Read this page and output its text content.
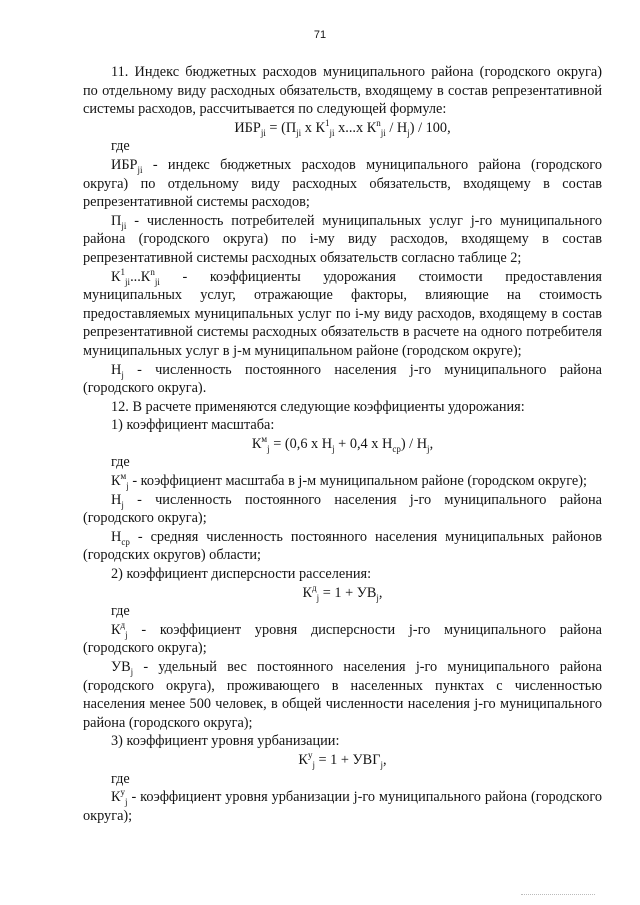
71

11. Индекс бюджетных расходов муниципального района (городского округа) по отдельному виду расходных обязательств, входящему в состав репрезентативной системы расходов, рассчитывается по следующей формуле:

$ИБР_{ji} = (П_{ji}$ х $К^1_{ji}$ х...х $К^n_{ji} / Н_j) / 100$,

где

$ИБР_{ji}$ - индекс бюджетных расходов муниципального района (городского округа) по отдельному виду расходных обязательств, входящему в состав репрезентативной системы расходов;

$П_{ji}$ - численность потребителей муниципальных услуг j-го муниципального района (городского округа) по i-му виду расходов, входящему в состав репрезентативной системы расходных обязательств согласно таблице 2;

$К^1_{ji}...К^n_{ji}$ - коэффициенты удорожания стоимости предоставления муниципальных услуг, отражающие факторы, влияющие на стоимость предоставляемых муниципальных услуг по i-му виду расходов, входящему в состав репрезентативной системы расходных обязательств в расчете на одного потребителя муниципальных услуг в j-м муниципальном районе (городском округе);

$Н_j$ - численность постоянного населения j-го муниципального района (городского округа).

12. В расчете применяются следующие коэффициенты удорожания:

1) коэффициент масштаба:

$К^м_j = (0,6$ х $Н_j + 0,4$ х $Н_{ср}) / Н_j$,

где

$К^м_j$ - коэффициент масштаба в j-м муниципальном районе (городском округе);

$Н_j$ - численность постоянного населения j-го муниципального района (городского округа);

$Н_{ср}$ - средняя численность постоянного населения муниципальных районов (городских округов) области;

2) коэффициент дисперсности расселения:

$К^д_j = 1 + УВ_j$,

где

$К^д_j$ - коэффициент уровня дисперсности j-го муниципального района (городского округа);

$УВ_j$ - удельный вес постоянного населения j-го муниципального района (городского округа), проживающего в населенных пунктах с численностью населения менее 500 человек, в общей численности населения j-го муниципального района (городского округа);

3) коэффициент уровня урбанизации:

$К^у_j = 1 + УВГ_j$,

где

$К^у_j$ - коэффициент уровня урбанизации j-го муниципального района (городского округа);
